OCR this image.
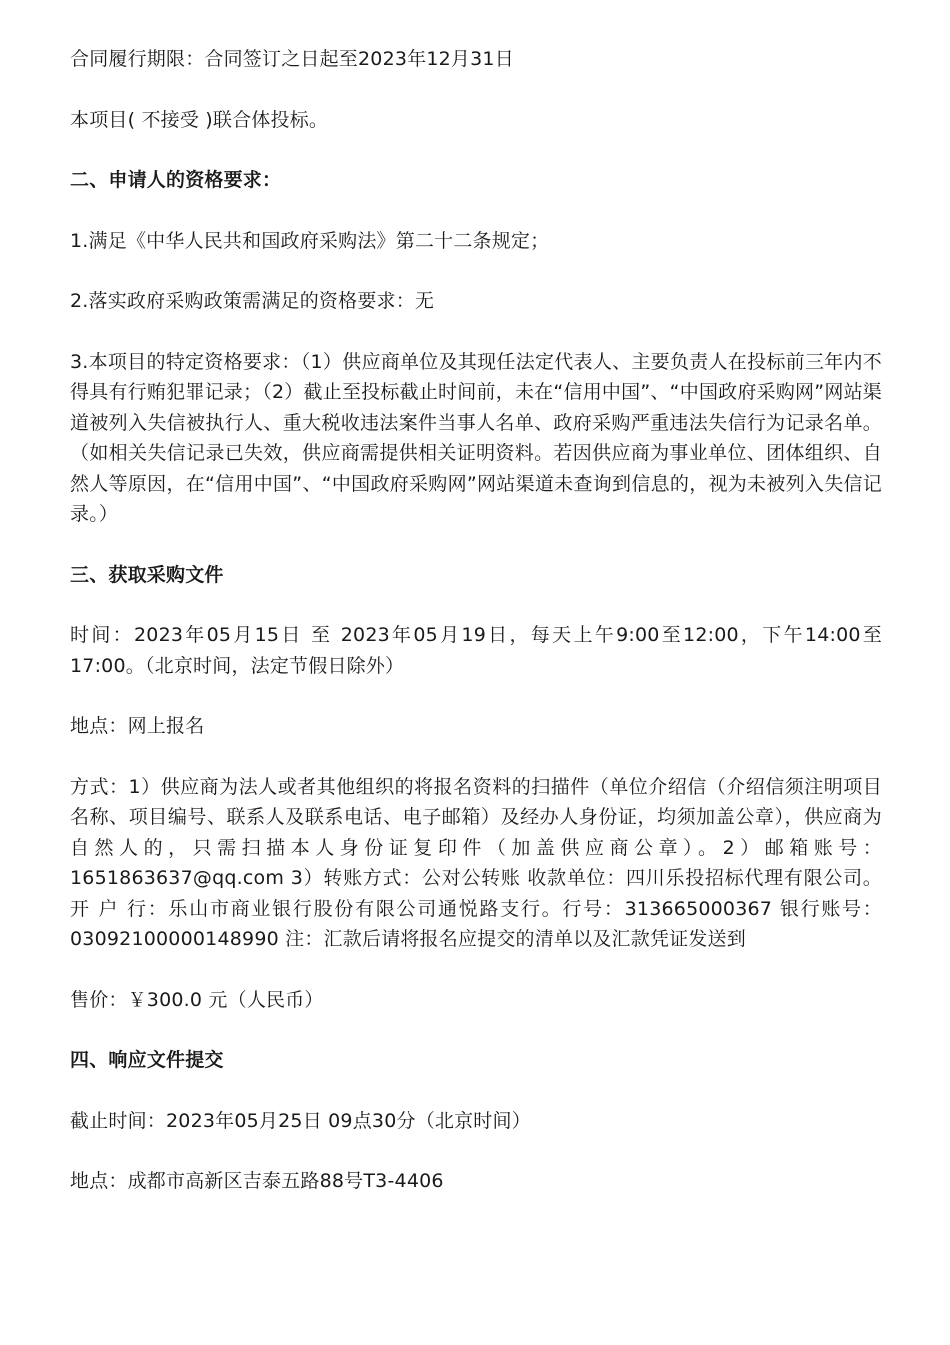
合同履行期限：合同签订之日起至2023年12月31日

本项目( 不接受 )联合体投标。

二、申请人的资格要求：

1.满足《中华人民共和国政府采购法》第二十二条规定；

2.落实政府采购政策需满足的资格要求：无

3.本项目的特定资格要求：（1）供应商单位及其现任法定代表人、主要负责人在投标前三年内不得具有行贿犯罪记录；（2）截止至投标截止时间前，未在“信用中国”、“中国政府采购网”网站渠道被列入失信被执行人、重大税收违法案件当事人名单、政府采购严重违法失信行为记录名单。（如相关失信记录已失效，供应商需提供相关证明资料。若因供应商为事业单位、团体组织、自然人等原因，在“信用中国”、“中国政府采购网”网站渠道未查询到信息的，视为未被列入失信记录。）

三、获取采购文件

时间：2023年05月15日 至 2023年05月19日，每天上午9:00至12:00，下午14:00至17:00。（北京时间，法定节假日除外）

地点：网上报名

方式：1）供应商为法人或者其他组织的将报名资料的扫描件（单位介绍信（介绍信须注明项目名称、项目编号、联系人及联系电话、电子邮箱）及经办人身份证，均须加盖公章），供应商为自然人的，只需扫描本人身份证复印件（加盖供应商公章）。2）邮箱账号：1651863637@qq.com 3）转账方式：公对公转账 收款单位：四川乐投招标代理有限公司。开 户 行：乐山市商业银行股份有限公司通悦路支行。行号：313665000367 银行账号：03092100000148990 注：汇款后请将报名应提交的清单以及汇款凭证发送到

售价：￥300.0 元（人民币）

四、响应文件提交

截止时间：2023年05月25日 09点30分（北京时间）

地点：成都市高新区吉泰五路88号T3-4406
